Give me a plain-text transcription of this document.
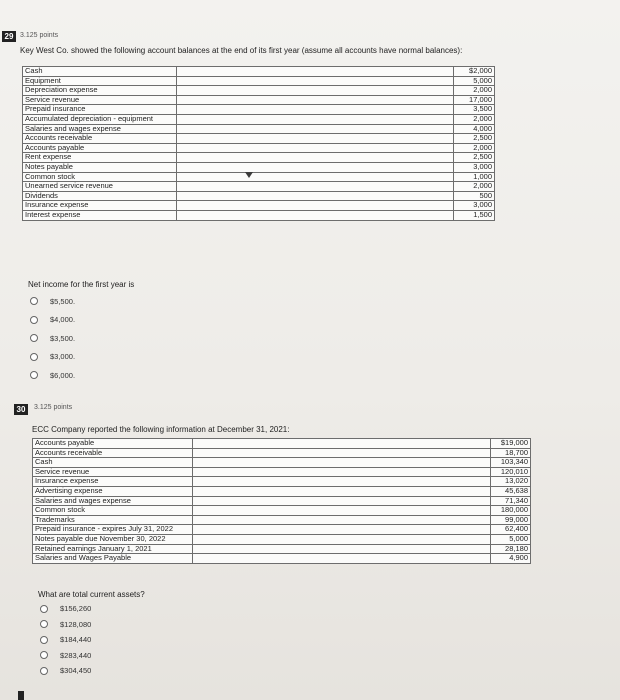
29 3.125 points
Key West Co. showed the following account balances at the end of its first year (assume all accounts have normal balances):
Cash		$2,000
Equipment		5,000
Depreciation expense		2,000
Service revenue		17,000
Prepaid insurance		3,500
Accumulated depreciation - equipment		2,000
Salaries and wages expense		4,000
Accounts receivable		2,500
Accounts payable		2,000
Rent expense		2,500
Notes payable		3,000
Common stock		1,000
Unearned service revenue		2,000
Dividends		500
Insurance expense		3,000
Interest expense		1,500
Net income for the first year is
$5,500.
$4,000.
$3,500.
$3,000.
$6,000.
30	3.125 points
ECC Company reported the following information at December 31, 2021:
Accounts payable		$19,000
Accounts receivable		18,700
Cash		103,340
Service revenue		120,010
Insurance expense		13,020
Advertising expense		45,638
Salaries and wages expense		71,340
Common stock		180,000
Trademarks		99,000
Prepaid insurance - expires July 31, 2022		62,400
Notes payable due November 30, 2022		5,000
Retained earnings January 1, 2021		28,180
Salaries and Wages Payable		4,900
What are total current assets?
$156,260
$128,080
$184,440
$283,440
$304,450
